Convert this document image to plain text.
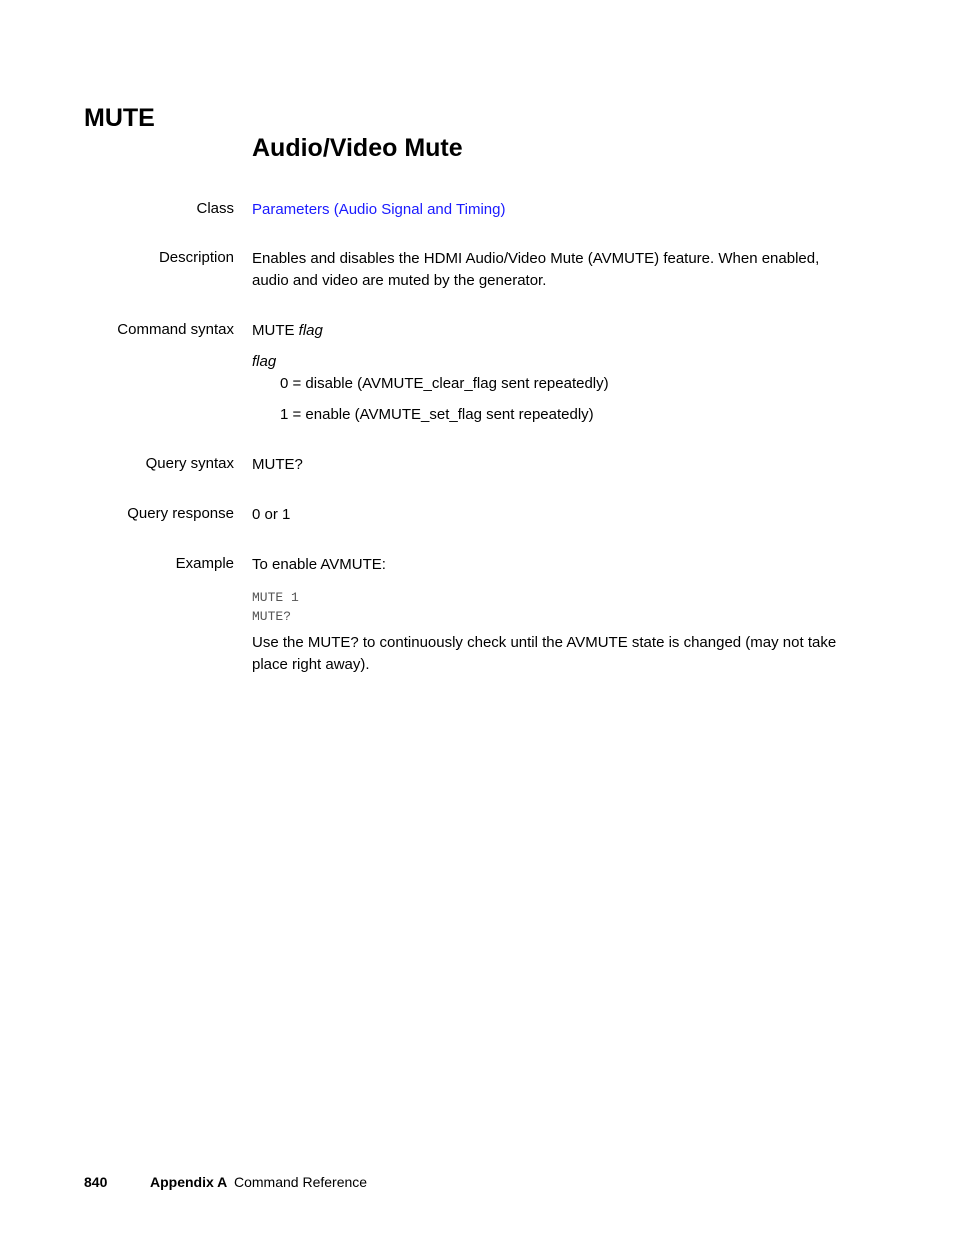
MUTE
Audio/Video Mute
Class Parameters (Audio Signal and Timing)
Description Enables and disables the HDMI Audio/Video Mute (AVMUTE) feature. When enabled,
audio and video are muted by the generator.
Command syntax MUTE flag
flag
0 = disable (AVMUTE_clear_flag sent repeatedly)
1 = enable (AVMUTE_set_flag sent repeatedly)
Query syntax MUTE?
Query response 0 or 1
Example To enable AVMUTE:
MUTE 1
MUTE?
Use the MUTE? to continuously check until the AVMUTE state is changed (may not take
place right away).
840	Appendix A Command Reference
